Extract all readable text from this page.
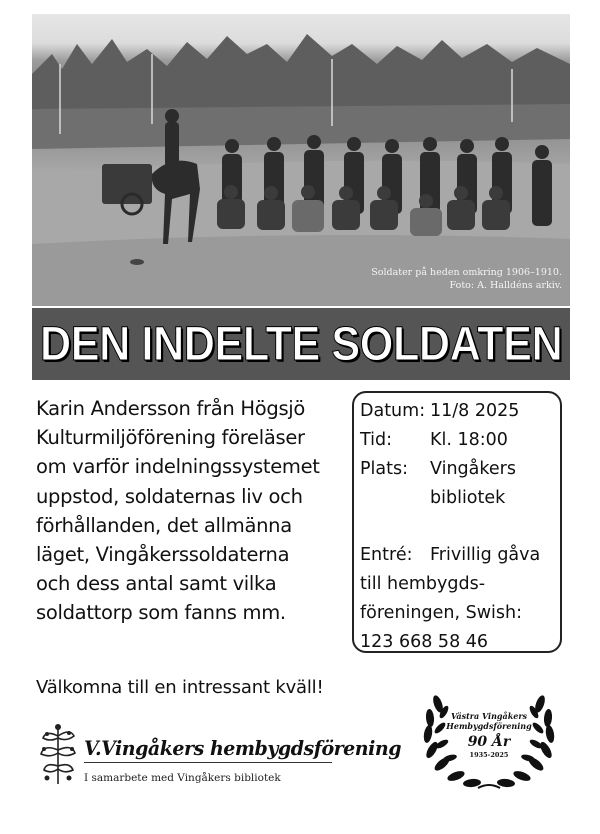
Soldater på heden omkring 1906–1910.
Foto: A. Halldéns arkiv.
DEN INDELTE SOLDATEN
Karin Andersson från Högsjö
Kulturmiljöförening föreläser
om varför indelningssystemet
uppstod, soldaternas liv och
förhållanden, det allmänna
läget, Vingåkerssoldaterna
och dess antal samt vilka
soldattorp som fanns mm.
Datum: 11/8 2025
Tid:	Kl. 18:00
Plats:	Vingåkers
bibliotek
Entré:	Frivillig gåva
till hembygds-
föreningen, Swish:
123 668 58 46
Välkomna till en intressant kväll!
V.Vingåkers hembygdsförening
I samarbete med Vingåkers bibliotek
Västra Vingåkers
Hembygdsförening
90 År
1935-2025
